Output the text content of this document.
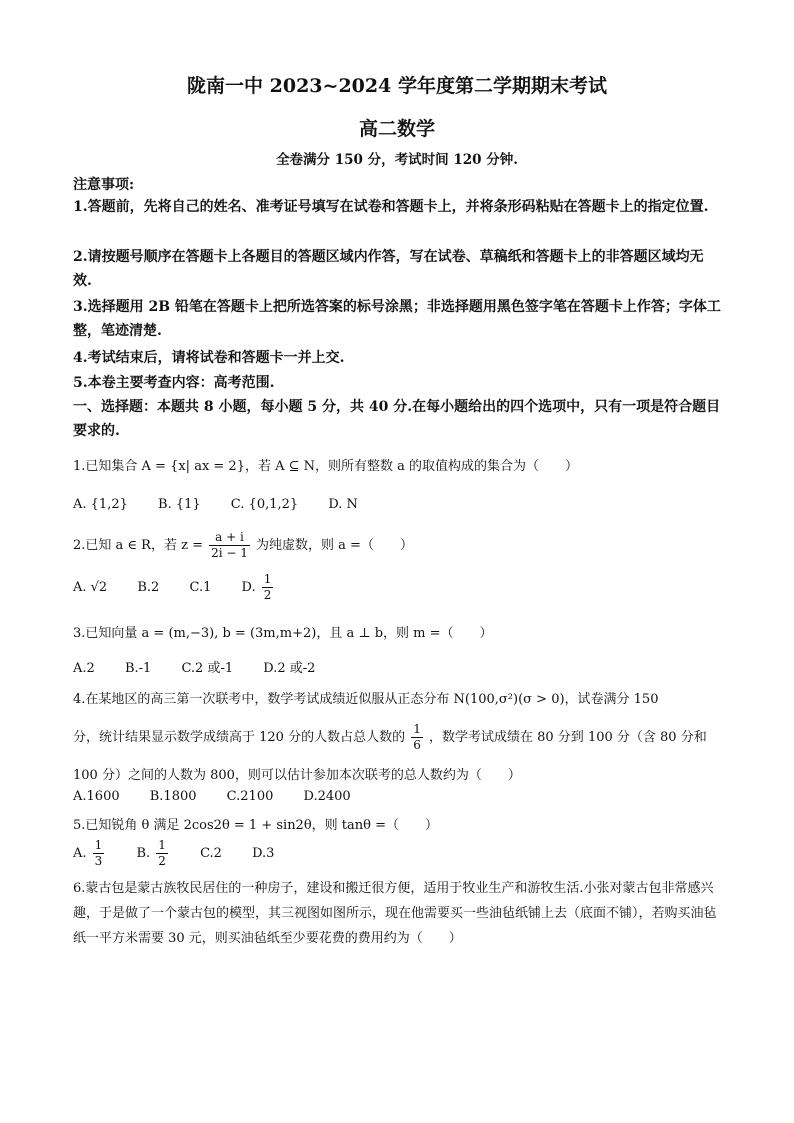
陇南一中 2023~2024 学年度第二学期期末考试
高二数学
全卷满分 150 分，考试时间 120 分钟.
注意事项:
1.答题前，先将自己的姓名、准考证号填写在试卷和答题卡上，并将条形码粘贴在答题卡上的指定位置.
2.请按题号顺序在答题卡上各题目的答题区域内作答，写在试卷、草稿纸和答题卡上的非答题区域均无效.
3.选择题用 2B 铅笔在答题卡上把所选答案的标号涂黑；非选择题用黑色签字笔在答题卡上作答；字体工整，笔迹清楚.
4.考试结束后，请将试卷和答题卡一并上交.
5.本卷主要考查内容：高考范围.
一、选择题：本题共 8 小题，每小题 5 分，共 40 分.在每小题给出的四个选项中，只有一项是符合题目要求的.
1.已知集合 A = {x| ax = 2}，若 A ⊆ N，则所有整数 a 的取值构成的集合为（　　）
A. {1,2} B. {1} C. {0,1,2} D. N
2.已知 a ∈ R，若 $z = \frac{a + i}{2i - 1}$ 为纯虚数，则 a =（　　）
A. √2 B.2 C.1 D. $\frac{1}{2}$
3.已知向量 a = (m,−3), b = (3m,m+2)，且 a ⊥ b，则 m =（　　）
A.2 B.-1 C.2 或-1 D.2 或-2
4.在某地区的高三第一次联考中，数学考试成绩近似服从正态分布 N(100,σ²)(σ > 0)，试卷满分 150
分，统计结果显示数学成绩高于 120 分的人数占总人数的 $\frac{1}{6}$ ，数学考试成绩在 80 分到 100 分（含 80 分和
100 分）之间的人数为 800，则可以估计参加本次联考的总人数约为（　　）
A.1600 B.1800 C.2100 D.2400
5.已知锐角 θ 满足 2cos2θ = 1 + sin2θ，则 tanθ =（　　）
A. $\frac{1}{3} B$. $\frac{1}{2} C.2$ D.3
6.蒙古包是蒙古族牧民居住的一种房子，建设和搬迁很方便，适用于牧业生产和游牧生活.小张对蒙古包非常感兴趣，于是做了一个蒙古包的模型，其三视图如图所示，现在他需要买一些油毡纸铺上去（底面不铺），若购买油毡纸一平方米需要 30 元，则买油毡纸至少要花费的费用约为（　　）
